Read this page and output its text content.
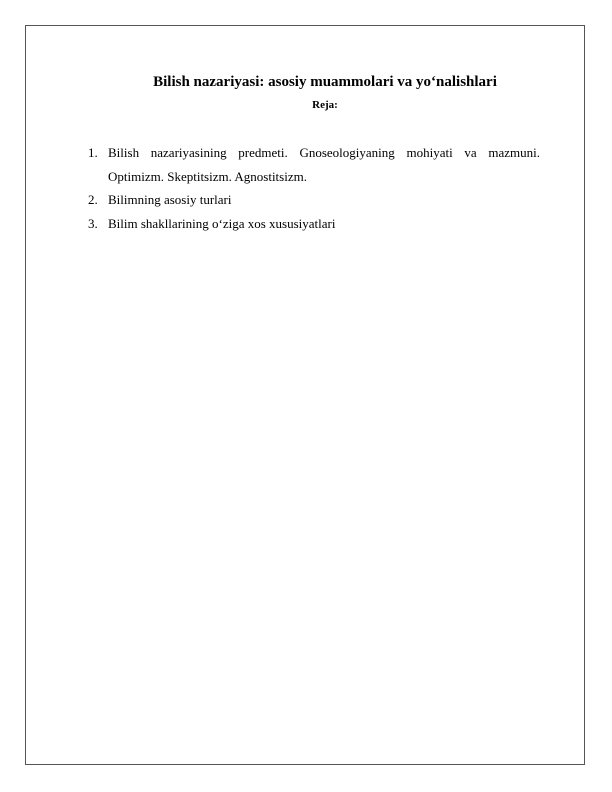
Bilish nazariyasi: asosiy muammolari va yo‘nalishlari
Reja:
1. Bilish nazariyasining predmeti. Gnoseologiyaning mohiyati va mazmuni. Optimizm. Skeptitsizm. Agnostitsizm.
2. Bilimning asosiy turlari
3. Bilim shakllarining o‘ziga xos xususiyatlari
